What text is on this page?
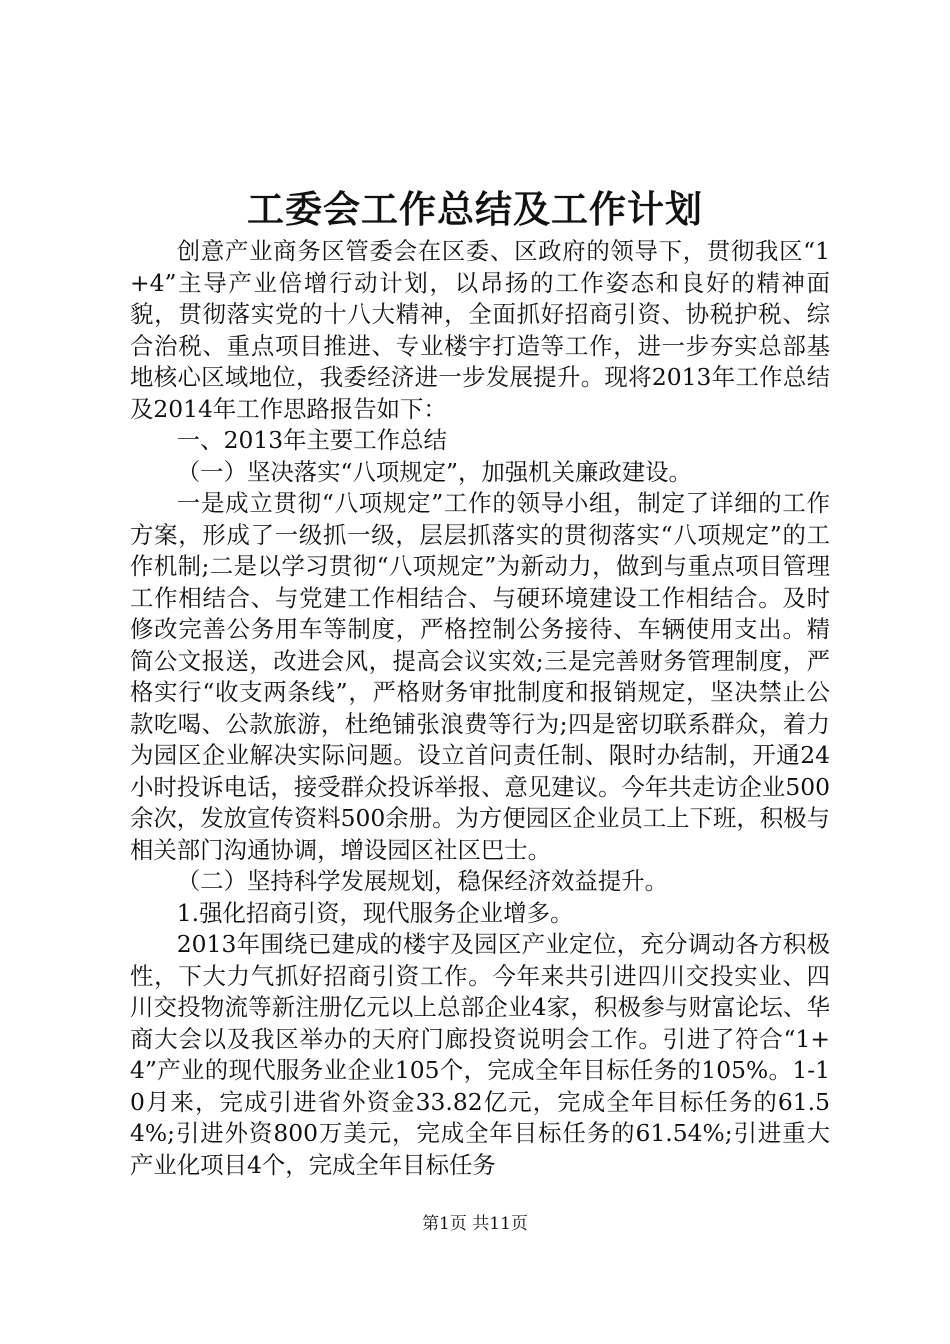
工委会工作总结及工作计划

创意产业商务区管委会在区委、区政府的领导下，贯彻我区“1+4”主导产业倍增行动计划，以昂扬的工作姿态和良好的精神面貌，贯彻落实党的十八大精神，全面抓好招商引资、协税护税、综合治税、重点项目推进、专业楼宇打造等工作，进一步夯实总部基地核心区域地位，我委经济进一步发展提升。现将2013年工作总结及2014年工作思路报告如下：

一、2013年主要工作总结

（一）坚决落实“八项规定”，加强机关廉政建设。

一是成立贯彻“八项规定”工作的领导小组，制定了详细的工作方案，形成了一级抓一级，层层抓落实的贯彻落实“八项规定”的工作机制;二是以学习贯彻“八项规定”为新动力，做到与重点项目管理工作相结合、与党建工作相结合、与硬环境建设工作相结合。及时修改完善公务用车等制度，严格控制公务接待、车辆使用支出。精简公文报送，改进会风，提高会议实效;三是完善财务管理制度，严格实行“收支两条线”，严格财务审批制度和报销规定，坚决禁止公款吃喝、公款旅游，杜绝铺张浪费等行为;四是密切联系群众，着力为园区企业解决实际问题。设立首问责任制、限时办结制，开通24小时投诉电话，接受群众投诉举报、意见建议。今年共走访企业500余次，发放宣传资料500余册。为方便园区企业员工上下班，积极与相关部门沟通协调，增设园区社区巴士。

（二）坚持科学发展规划，稳保经济效益提升。

1.强化招商引资，现代服务企业增多。

2013年围绕已建成的楼宇及园区产业定位，充分调动各方积极性，下大力气抓好招商引资工作。今年来共引进四川交投实业、四川交投物流等新注册亿元以上总部企业4家，积极参与财富论坛、华商大会以及我区举办的天府门廊投资说明会工作。引进了符合“1+4”产业的现代服务业企业105个，完成全年目标任务的105%。1-10月来，完成引进省外资金33.82亿元，完成全年目标任务的61.54%;引进外资800万美元，完成全年目标任务的61.54%;引进重大产业化项目4个，完成全年目标任务

第1页 共11页
